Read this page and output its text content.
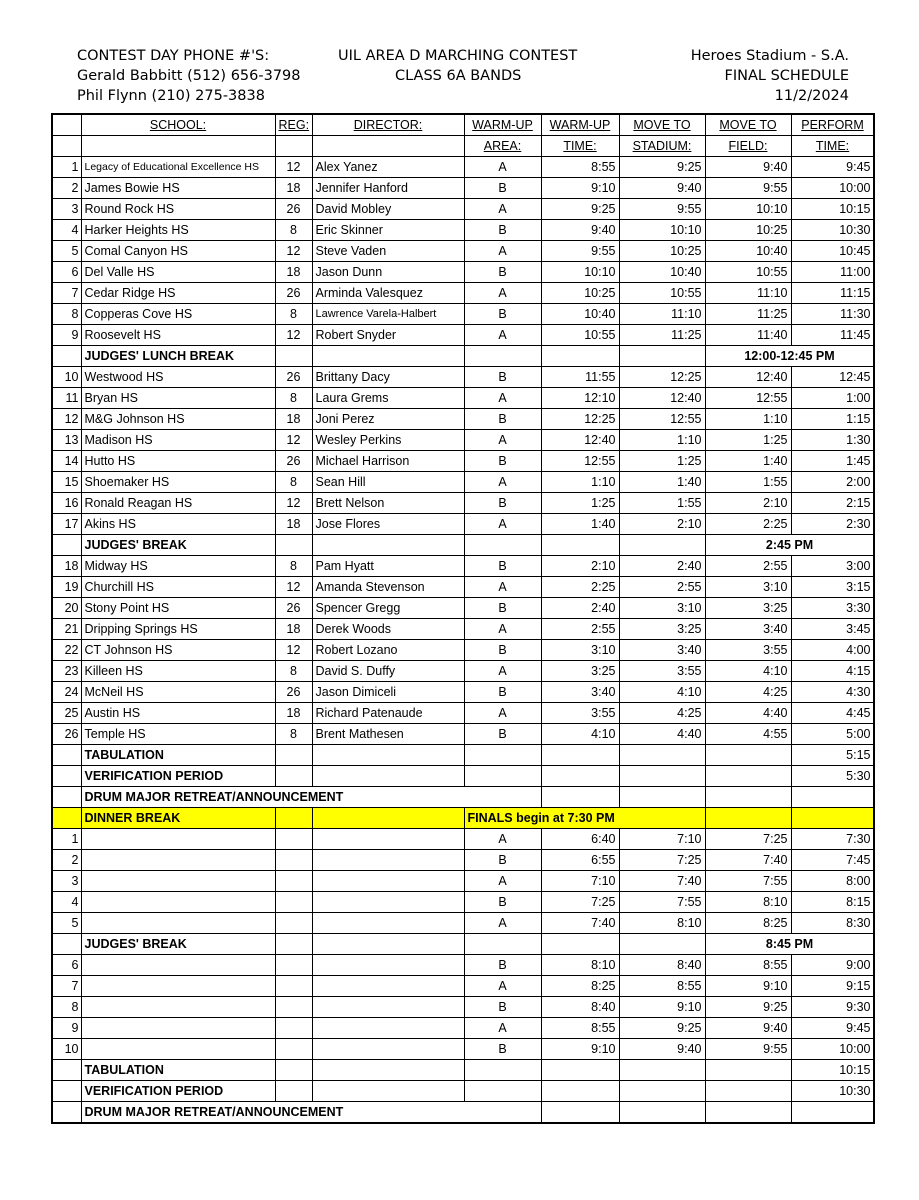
CONTEST DAY PHONE #'S:
Gerald Babbitt (512) 656-3798
Phil Flynn (210) 275-3838
UIL AREA D MARCHING CONTEST
CLASS 6A BANDS
Heroes Stadium - S.A.
FINAL SCHEDULE
11/2/2024
	SCHOOL:	REG:	DIRECTOR:	WARM-UP	WARM-UP	MOVE TO	MOVE TO	PERFORM	
				AREA:	TIME:	STADIUM:	FIELD:	TIME:	
1	Legacy of Educational Excellence HS	12	Alex Yanez	A	8:55	9:25	9:40	9:45	
2	James Bowie HS	18	Jennifer Hanford	B	9:10	9:40	9:55	10:00	
3	Round Rock HS	26	David Mobley	A	9:25	9:55	10:10	10:15	
4	Harker Heights HS	8	Eric Skinner	B	9:40	10:10	10:25	10:30	
5	Comal Canyon HS	12	Steve Vaden	A	9:55	10:25	10:40	10:45	
6	Del Valle HS	18	Jason Dunn	B	10:10	10:40	10:55	11:00	
7	Cedar Ridge HS	26	Arminda Valesquez	A	10:25	10:55	11:10	11:15	
8	Copperas Cove HS	8	Lawrence Varela-Halbert	B	10:40	11:10	11:25	11:30	
9	Roosevelt HS	12	Robert Snyder	A	10:55	11:25	11:40	11:45	
	JUDGES' LUNCH BREAK						12:00-12:45 PM		
10	Westwood HS	26	Brittany Dacy	B	11:55	12:25	12:40	12:45	
11	Bryan HS	8	Laura Grems	A	12:10	12:40	12:55	1:00	
12	M&G Johnson HS	18	Joni Perez	B	12:25	12:55	1:10	1:15	
13	Madison HS	12	Wesley Perkins	A	12:40	1:10	1:25	1:30	
14	Hutto HS	26	Michael Harrison	B	12:55	1:25	1:40	1:45	
15	Shoemaker HS	8	Sean Hill	A	1:10	1:40	1:55	2:00	
16	Ronald Reagan HS	12	Brett Nelson	B	1:25	1:55	2:10	2:15	
17	Akins HS	18	Jose Flores	A	1:40	2:10	2:25	2:30	
	JUDGES' BREAK						2:45 PM		
18	Midway HS	8	Pam Hyatt	B	2:10	2:40	2:55	3:00	
19	Churchill HS	12	Amanda Stevenson	A	2:25	2:55	3:10	3:15	
20	Stony Point HS	26	Spencer Gregg	B	2:40	3:10	3:25	3:30	
21	Dripping Springs HS	18	Derek Woods	A	2:55	3:25	3:40	3:45	
22	CT Johnson HS	12	Robert Lozano	B	3:10	3:40	3:55	4:00	
23	Killeen HS	8	David S. Duffy	A	3:25	3:55	4:10	4:15	
24	McNeil HS	26	Jason Dimiceli	B	3:40	4:10	4:25	4:30	
25	Austin HS	18	Richard Patenaude	A	3:55	4:25	4:40	4:45	
26	Temple HS	8	Brent Mathesen	B	4:10	4:40	4:55	5:00	
	TABULATION							5:15	
	VERIFICATION PERIOD							5:30	
	DRUM MAJOR RETREAT/ANNOUNCEMENT					
	DINNER BREAK			FINALS begin at 7:30 PM					
1				A	6:40	7:10	7:25	7:30	
2				B	6:55	7:25	7:40	7:45	
3				A	7:10	7:40	7:55	8:00	
4				B	7:25	7:55	8:10	8:15	
5				A	7:40	8:10	8:25	8:30	
	JUDGES' BREAK						8:45 PM		
6				B	8:10	8:40	8:55	9:00	
7				A	8:25	8:55	9:10	9:15	
8				B	8:40	9:10	9:25	9:30	
9				A	8:55	9:25	9:40	9:45	
10				B	9:10	9:40	9:55	10:00	
	TABULATION							10:15	
	VERIFICATION PERIOD							10:30	
	DRUM MAJOR RETREAT/ANNOUNCEMENT					
